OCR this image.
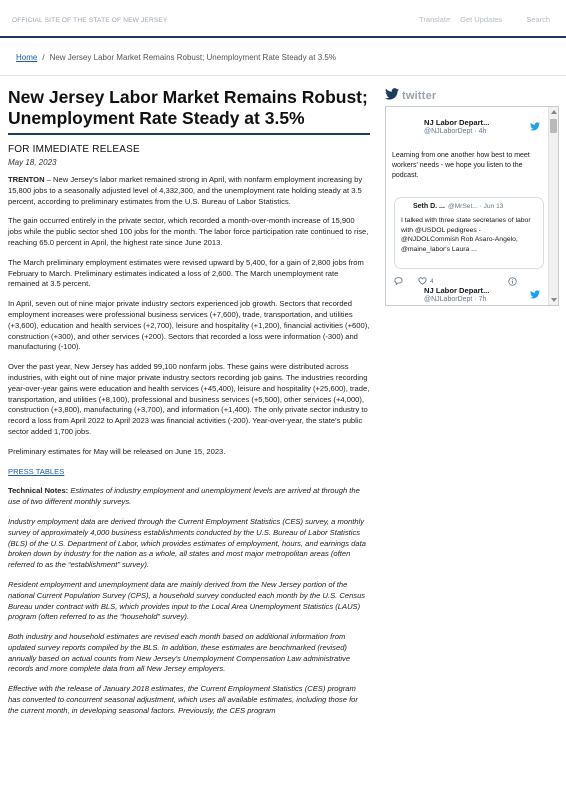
OFFICIAL SITE OF THE STATE OF NEW JERSEY	Translate Get Updates	Search
Home / New Jersey Labor Market Remains Robust; Unemployment Rate Steady at 3.5%
New Jersey Labor Market Remains Robust; Unemployment Rate Steady at 3.5%
FOR IMMEDIATE RELEASE
May 18, 2023

TRENTON – New Jersey's labor market remained strong in April, with nonfarm employment increasing by 15,800 jobs to a seasonally adjusted level of 4,332,300, and the unemployment rate holding steady at 3.5 percent, according to preliminary estimates from the U.S. Bureau of Labor Statistics.

The gain occurred entirely in the private sector, which recorded a month-over-month increase of 15,900 jobs while the public sector shed 100 jobs for the month. The labor force participation rate continued to rise, reaching 65.0 percent in April, the highest rate since June 2013.

The March preliminary employment estimates were revised upward by 5,400, for a gain of 2,800 jobs from February to March. Preliminary estimates indicated a loss of 2,600. The March unemployment rate remained at 3.5 percent.

In April, seven out of nine major private industry sectors experienced job growth. Sectors that recorded employment increases were professional business services (+7,600), trade, transportation, and utilities (+3,600), education and health services (+2,700), leisure and hospitality (+1,200), financial activities (+600), construction (+300), and other services (+200). Sectors that recorded a loss were information (-300) and manufacturing (-100).

Over the past year, New Jersey has added 99,100 nonfarm jobs. These gains were distributed across industries, with eight out of nine major private industry sectors recording job gains. The industries recording year-over-year gains were education and health services (+45,400), leisure and hospitality (+25,600), trade, transportation, and utilities (+8,100), professional and business services (+5,500), other services (+4,000), construction (+3,800), manufacturing (+3,700), and information (+1,400). The only private sector industry to record a loss from April 2022 to April 2023 was financial activities (-200). Year-over-year, the state's public sector added 1,700 jobs.

Preliminary estimates for May will be released on June 15, 2023.

PRESS TABLES

Technical Notes: Estimates of industry employment and unemployment levels are arrived at through the use of two different monthly surveys.

Industry employment data are derived through the Current Employment Statistics (CES) survey, a monthly survey of approximately 4,000 business establishments conducted by the U.S. Bureau of Labor Statistics (BLS) of the U.S. Department of Labor, which provides estimates of employment, hours, and earnings data broken down by industry for the nation as a whole, all states and most major metropolitan areas (often referred to as the “establishment” survey).

Resident employment and unemployment data are mainly derived from the New Jersey portion of the national Current Population Survey (CPS), a household survey conducted each month by the U.S. Census Bureau under contract with BLS, which provides input to the Local Area Unemployment Statistics (LAUS) program (often referred to as the “household” survey).

Both industry and household estimates are revised each month based on additional information from updated survey reports compiled by the BLS. In addition, these estimates are benchmarked (revised) annually based on actual counts from New Jersey's Unemployment Compensation Law administrative records and more complete data from all New Jersey employers.

Effective with the release of January 2018 estimates, the Current Employment Statistics (CES) program has converted to concurrent seasonal adjustment, which uses all available estimates, including those for the current month, in developing seasonal factors. Previously, the CES program

twitter
NJ Labor Depart...
@NJLaborDept · 4h
Learning from one another how best to meet workers' needs - we hope you listen to the podcast.
Seth D. ... @MrSet... · Jun 13
I talked with three state secretaries of labor with @USDOL pedigrees - @NJDOLCommish Rob Asaro-Angelo, @maine_labor's Laura ...
4
NJ Labor Depart...
@NJLaborDept · 7h
